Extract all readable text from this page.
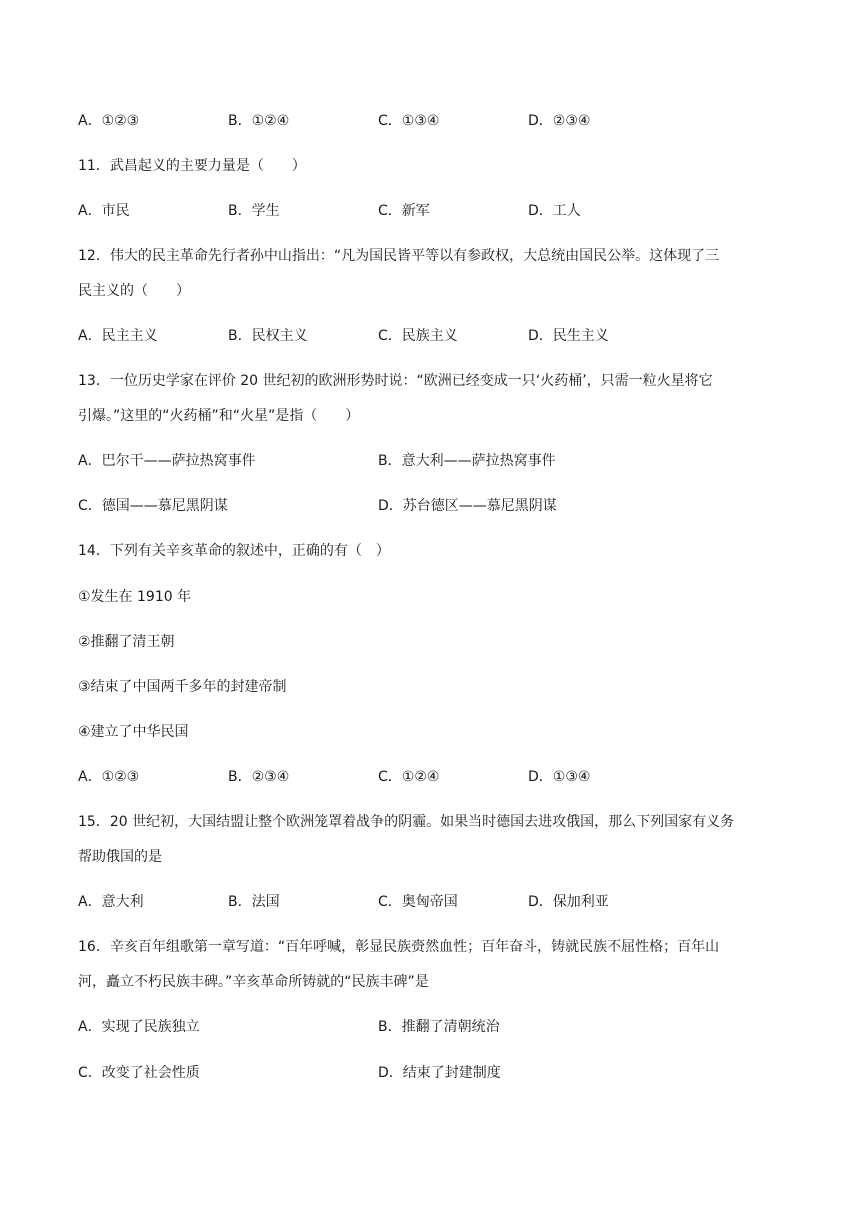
A．①②③	B．①②④	C．①③④	D．②③④
11．武昌起义的主要力量是（　　）
A．市民	B．学生	C．新军	D．工人
12．伟大的民主革命先行者孙中山指出：“凡为国民皆平等以有参政权，大总统由国民公举。这体现了三
民主义的（　　）
A．民主主义	B．民权主义	C．民族主义	D．民生主义
13．一位历史学家在评价 20 世纪初的欧洲形势时说：“欧洲已经变成一只‘火药桶’，只需一粒火星将它
引爆。”这里的“火药桶”和“火星”是指（　　）
A．巴尔干——萨拉热窝事件	B．意大利——萨拉热窝事件
C．德国——慕尼黑阴谋	D．苏台德区——慕尼黑阴谋
14．下列有关辛亥革命的叙述中，正确的有（　）
①发生在 1910 年
②推翻了清王朝
③结束了中国两千多年的封建帝制
④建立了中华民国
A．①②③	B．②③④	C．①②④	D．①③④
15．20 世纪初，大国结盟让整个欧洲笼罩着战争的阴霾。如果当时德国去进攻俄国，那么下列国家有义务
帮助俄国的是
A．意大利	B．法国	C．奥匈帝国	D．保加利亚
16．辛亥百年组歌第一章写道：“百年呼喊，彰显民族赍然血性；百年奋斗，铸就民族不屈性格；百年山
河，矗立不朽民族丰碑。”辛亥革命所铸就的“民族丰碑”是
A．实现了民族独立	B．推翻了清朝统治
C．改变了社会性质	D．结束了封建制度
